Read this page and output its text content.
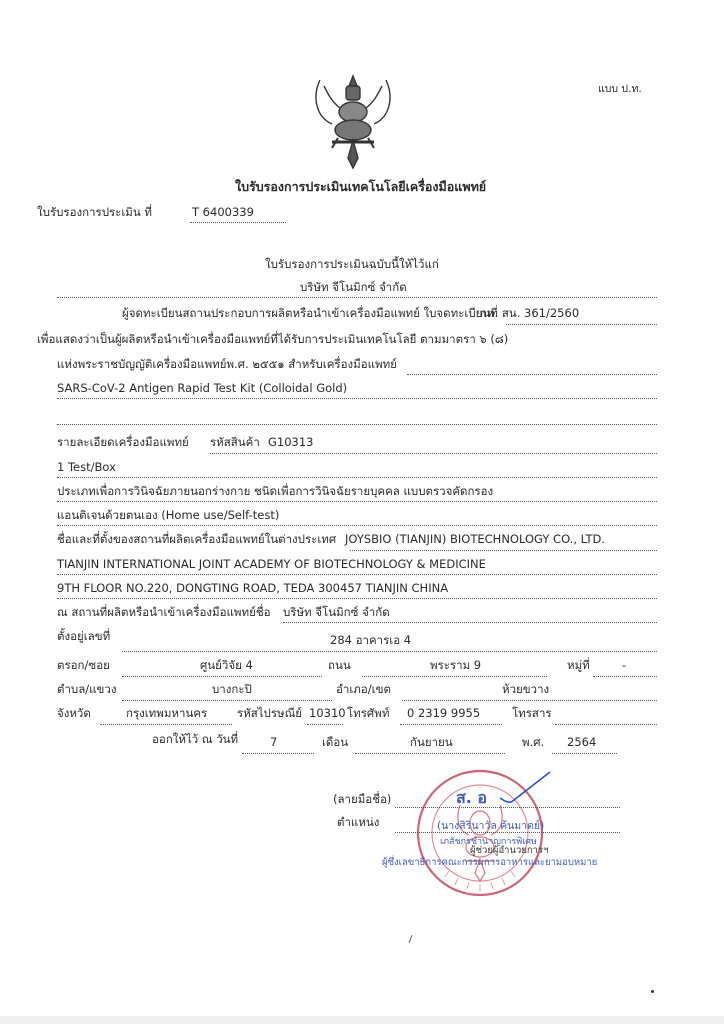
แบบ ป.ท.
ใบรับรองการประเมินเทคโนโลยีเครื่องมือแพทย์
ใบรับรองการประเมิน ที่	T 6400339
ใบรับรองการประเมินฉบับนี้ให้ไว้แก่
บริษัท จีโนมิกซ์ จำกัด
ผู้จดทะเบียนสถานประกอบการผลิตหรือนำเข้าเครื่องมือแพทย์ ใบจดทะเบียนที่
กท. สน. 361/2560
เพื่อแสดงว่าเป็นผู้ผลิตหรือนำเข้าเครื่องมือแพทย์ที่ได้รับการประเมินเทคโนโลยี ตามมาตรา ๖ (๘)
แห่งพระราชบัญญัติเครื่องมือแพทย์พ.ศ. ๒๕๕๑ สำหรับเครื่องมือแพทย์
SARS-CoV-2 Antigen Rapid Test Kit (Colloidal Gold)
รายละเอียดเครื่องมือแพทย์ รหัสสินค้า G10313
1 Test/Box
ประเภทเพื่อการวินิจฉัยภายนอกร่างกาย ชนิดเพื่อการวินิจฉัยรายบุคคล แบบตรวจคัดกรอง
แอนติเจนด้วยตนเอง (Home use/Self-test)
ชื่อและที่ตั้งของสถานที่ผลิตเครื่องมือแพทย์ในต่างประเทศ JOYSBIO (TIANJIN) BIOTECHNOLOGY CO., LTD.
TIANJIN INTERNATIONAL JOINT ACADEMY OF BIOTECHNOLOGY & MEDICINE
9TH FLOOR NO.220, DONGTING ROAD, TEDA 300457 TIANJIN CHINA
ณ สถานที่ผลิตหรือนำเข้าเครื่องมือแพทย์ชื่อ บริษัท จีโนมิกซ์ จำกัด
ตั้งอยู่เลขที่	284 อาคารเอ 4
ตรอก/ซอย	ศูนย์วิจัย 4	ถนน	พระราม 9	หมู่ที่	-
ตำบล/แขวง	บางกะปิ	อำเภอ/เขต	ห้วยขวาง
จังหวัด	กรุงเทพมหานคร	รหัสไปรษณีย์ 10310 โทรศัพท์ 0 2319 9955	โทรสาร
ออกให้ไว้ ณ วันที่	7	เดือน	กันยายน	พ.ศ. 2564
(ลายมือชื่อ)	ส. อ
ตำแหน่ง	(นางสิรินาวัล ค้นมาตย์)
เภสัชกรชำนาญการพิเศษ
ผู้ช่วยผู้อำนวยการฯ
ผู้ซึ่งเลขาธิการคณะกรรมการอาหารและยามอบหมาย
